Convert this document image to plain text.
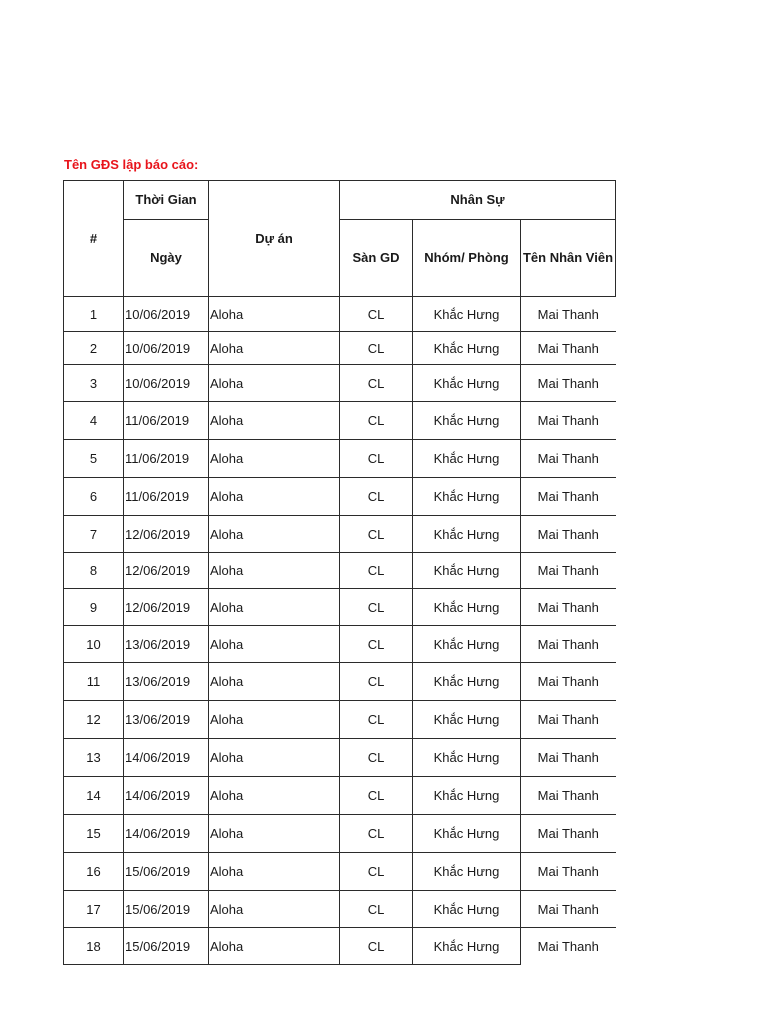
Tên GĐS lập báo cáo:
#	Thời Gian	Dự án	Nhân Sự		
	Ngày		Sàn GD	Nhóm/ Phòng	Tên Nhân Viên
1	10/06/2019	Aloha	CL	Khắc Hưng	Mai Thanh
2	10/06/2019	Aloha	CL	Khắc Hưng	Mai Thanh
3	10/06/2019	Aloha	CL	Khắc Hưng	Mai Thanh
4	11/06/2019	Aloha	CL	Khắc Hưng	Mai Thanh
5	11/06/2019	Aloha	CL	Khắc Hưng	Mai Thanh
6	11/06/2019	Aloha	CL	Khắc Hưng	Mai Thanh
7	12/06/2019	Aloha	CL	Khắc Hưng	Mai Thanh
8	12/06/2019	Aloha	CL	Khắc Hưng	Mai Thanh
9	12/06/2019	Aloha	CL	Khắc Hưng	Mai Thanh
10	13/06/2019	Aloha	CL	Khắc Hưng	Mai Thanh
11	13/06/2019	Aloha	CL	Khắc Hưng	Mai Thanh
12	13/06/2019	Aloha	CL	Khắc Hưng	Mai Thanh
13	14/06/2019	Aloha	CL	Khắc Hưng	Mai Thanh
14	14/06/2019	Aloha	CL	Khắc Hưng	Mai Thanh
15	14/06/2019	Aloha	CL	Khắc Hưng	Mai Thanh
16	15/06/2019	Aloha	CL	Khắc Hưng	Mai Thanh
17	15/06/2019	Aloha	CL	Khắc Hưng	Mai Thanh
18	15/06/2019	Aloha	CL	Khắc Hưng	Mai Thanh
